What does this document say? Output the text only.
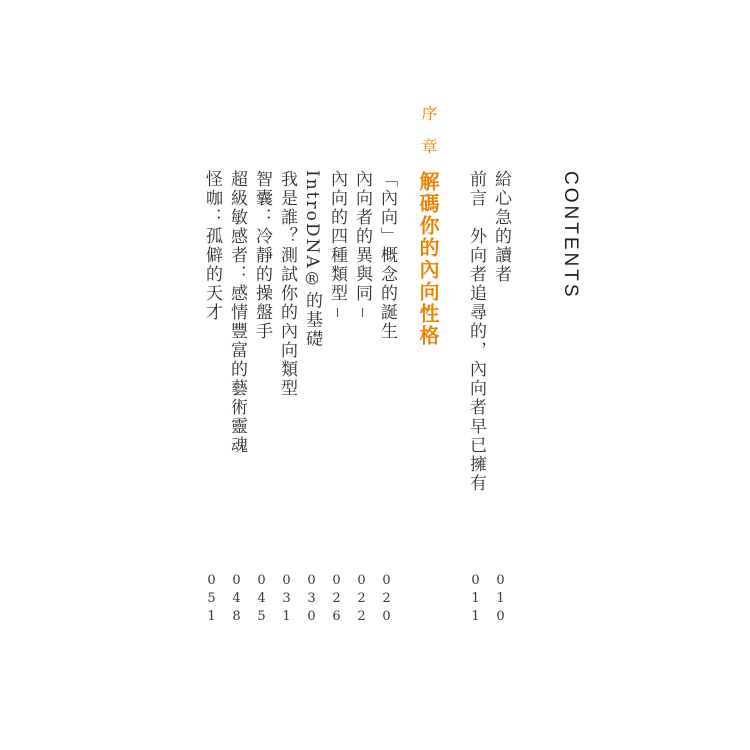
CONTENTS
給心急的讀者
010
前言　外向者追尋的，內向者早已擁有
011
序章解碼你的內向性格
「內向」概念的誕生
020
內向者的異與同
022
內向的四種類型
026
IntroDNA®的基礎
030
我是誰？測試你的內向類型
031
智囊：冷靜的操盤手
045
超級敏感者：感情豐富的藝術靈魂
048
怪咖：孤僻的天才
051
